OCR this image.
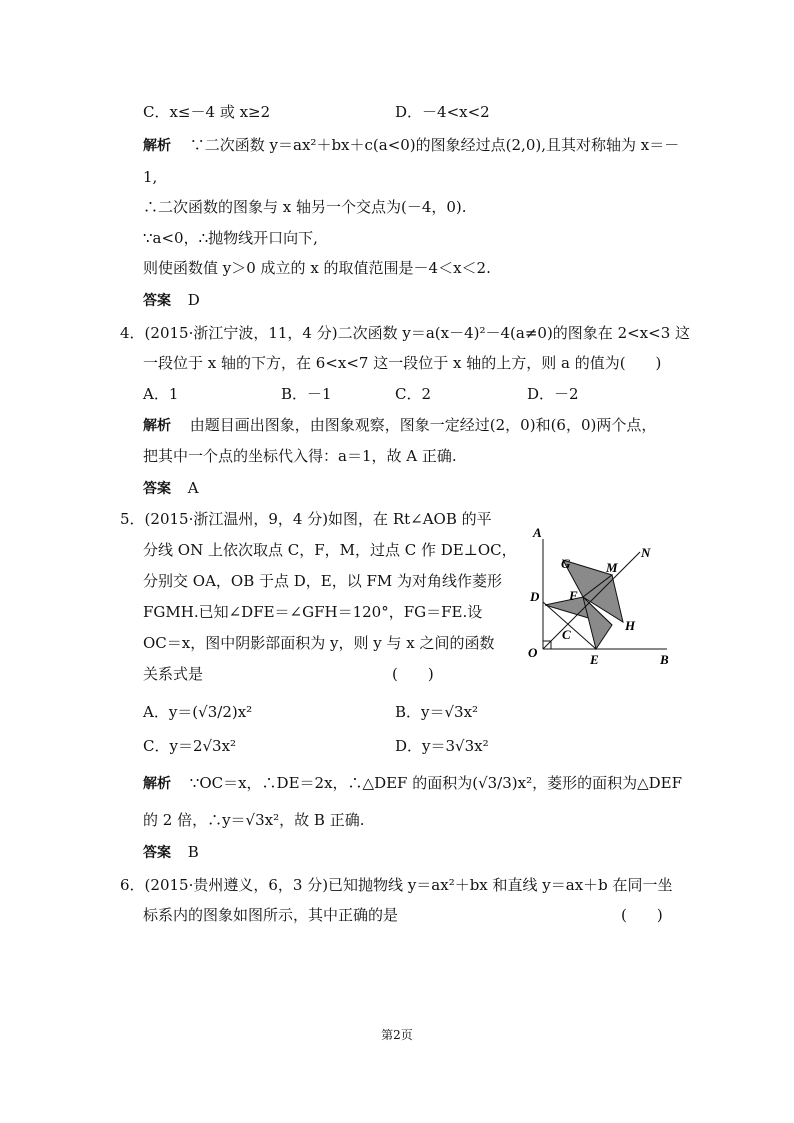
C．x≤－4 或 x≥2	D．－4<x<2
解析 ∵二次函数 y＝ax²＋bx＋c(a<0)的图象经过点(2,0),且其对称轴为 x＝－
1,
∴二次函数的图象与 x 轴另一个交点为(－4，0).
∵a<0，∴抛物线开口向下,
则使函数值 y＞0 成立的 x 的取值范围是－4＜x＜2.
答案 D
4．(2015·浙江宁波，11，4 分)二次函数 y＝a(x－4)²－4(a≠0)的图象在 2<x<3 这
一段位于 x 轴的下方，在 6<x<7 这一段位于 x 轴的上方，则 a 的值为(　　)
A．1	B．－1	C．2	D．－2
解析 由题目画出图象，由图象观察，图象一定经过(2，0)和(6，0)两个点，
把其中一个点的坐标代入得：a＝1，故 A 正确.
答案 A
5．(2015·浙江温州，9，4 分)如图，在 Rt∠AOB 的平
分线 ON 上依次取点 C，F，M，过点 C 作 DE⊥OC，
分别交 OA，OB 于点 D，E，以 FM 为对角线作菱形
FGMH.已知∠DFE＝∠GFH＝120°，FG＝FE.设
OC＝x，图中阴影部面积为 y，则 y 与 x 之间的函数
关系式是	(　　)
A．y＝(√3/2)x²	B．y＝√3x²
C．y＝2√3x²	D．y＝3√3x²
解析 ∵OC＝x，∴DE＝2x，∴△DEF 的面积为(√3/3)x²，菱形的面积为△DEF
的 2 倍，∴y＝√3x²，故 B 正确.
答案 B
A
O	B
D
E
C
F
G	M
N
H
6．(2015·贵州遵义，6，3 分)已知抛物线 y＝ax²＋bx 和直线 y＝ax＋b 在同一坐
标系内的图象如图所示，其中正确的是	(　　)
第2页
